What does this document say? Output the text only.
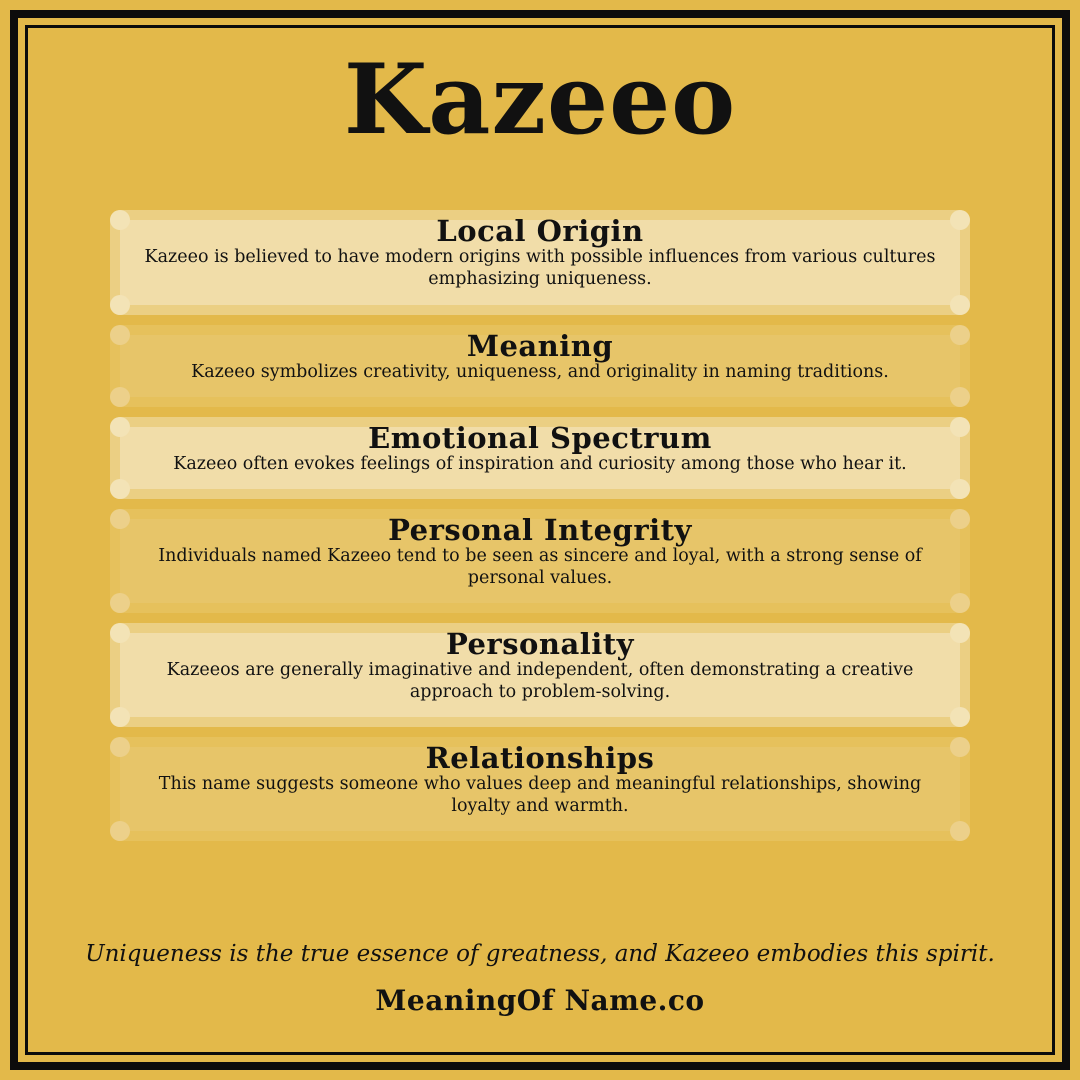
Kazeeo
Local Origin

Kazeeo is believed to have modern origins with possible influences from various cultures emphasizing uniqueness.

Meaning

Kazeeo symbolizes creativity, uniqueness, and originality in naming traditions.

Emotional Spectrum

Kazeeo often evokes feelings of inspiration and curiosity among those who hear it.

Personal Integrity

Individuals named Kazeeo tend to be seen as sincere and loyal, with a strong sense of personal values.

Personality

Kazeeos are generally imaginative and independent, often demonstrating a creative approach to problem-solving.

Relationships

This name suggests someone who values deep and meaningful relationships, showing loyalty and warmth.

Uniqueness is the true essence of greatness, and Kazeeo embodies this spirit.
MeaningOf Name.co
